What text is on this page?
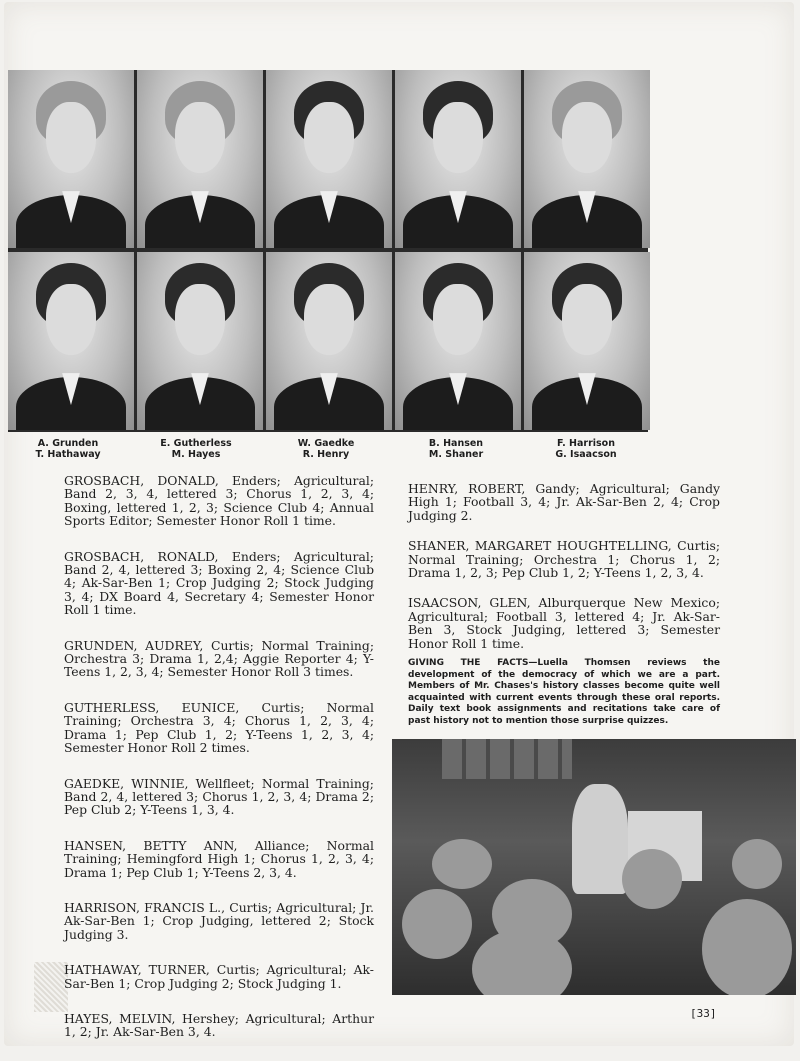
A. Grunden
T. Hathaway
E. Gutherless
M. Hayes
W. Gaedke
R. Henry
B. Hansen
M. Shaner
F. Harrison
G. Isaacson

GROSBACH, DONALD, Enders; Agricultural; Band 2, 3, 4, lettered 3; Chorus 1, 2, 3, 4; Boxing, lettered 1, 2, 3; Science Club 4; Annual Sports Editor; Semester Honor Roll 1 time.

GROSBACH, RONALD, Enders; Agricultural; Band 2, 4, lettered 3; Boxing 2, 4; Science Club 4; Ak-Sar-Ben 1; Crop Judging 2; Stock Judging 3, 4; DX Board 4, Secretary 4; Semester Honor Roll 1 time.

GRUNDEN, AUDREY, Curtis; Normal Training; Orchestra 3; Drama 1, 2,4; Aggie Reporter 4; Y-Teens 1, 2, 3, 4; Semester Honor Roll 3 times.

GUTHERLESS, EUNICE, Curtis; Normal Training; Orchestra 3, 4; Chorus 1, 2, 3, 4; Drama 1; Pep Club 1, 2; Y-Teens 1, 2, 3, 4; Semester Honor Roll 2 times.

GAEDKE, WINNIE, Wellfleet; Normal Training; Band 2, 4, lettered 3; Chorus 1, 2, 3, 4; Drama 2; Pep Club 2; Y-Teens 1, 3, 4.

HANSEN, BETTY ANN, Alliance; Normal Training; Hemingford High 1; Chorus 1, 2, 3, 4; Drama 1; Pep Club 1; Y-Teens 2, 3, 4.

HARRISON, FRANCIS L., Curtis; Agricultural; Jr. Ak-Sar-Ben 1; Crop Judging, lettered 2; Stock Judging 3.

HATHAWAY, TURNER, Curtis; Agricultural; Ak-Sar-Ben 1; Crop Judging 2; Stock Judging 1.

HAYES, MELVIN, Hershey; Agricultural; Arthur 1, 2; Jr. Ak-Sar-Ben 3, 4.

HENRY, ROBERT, Gandy; Agricultural; Gandy High 1; Football 3, 4; Jr. Ak-Sar-Ben 2, 4; Crop Judging 2.

SHANER, MARGARET HOUGHTELLING, Curtis; Normal Training; Orchestra 1; Chorus 1, 2; Drama 1, 2, 3; Pep Club 1, 2; Y-Teens 1, 2, 3, 4.

ISAACSON, GLEN, Alburquerque New Mexico; Agricultural; Football 3, lettered 4; Jr. Ak-Sar-Ben 3, Stock Judging, lettered 3; Semester Honor Roll 1 time.

GIVING THE FACTS—Luella Thomsen reviews the development of the democracy of which we are a part. Members of Mr. Chases's history classes become quite well acquainted with current events through these oral reports. Daily text book assignments and recitations take care of past history not to mention those surprise quizzes.
[33]
